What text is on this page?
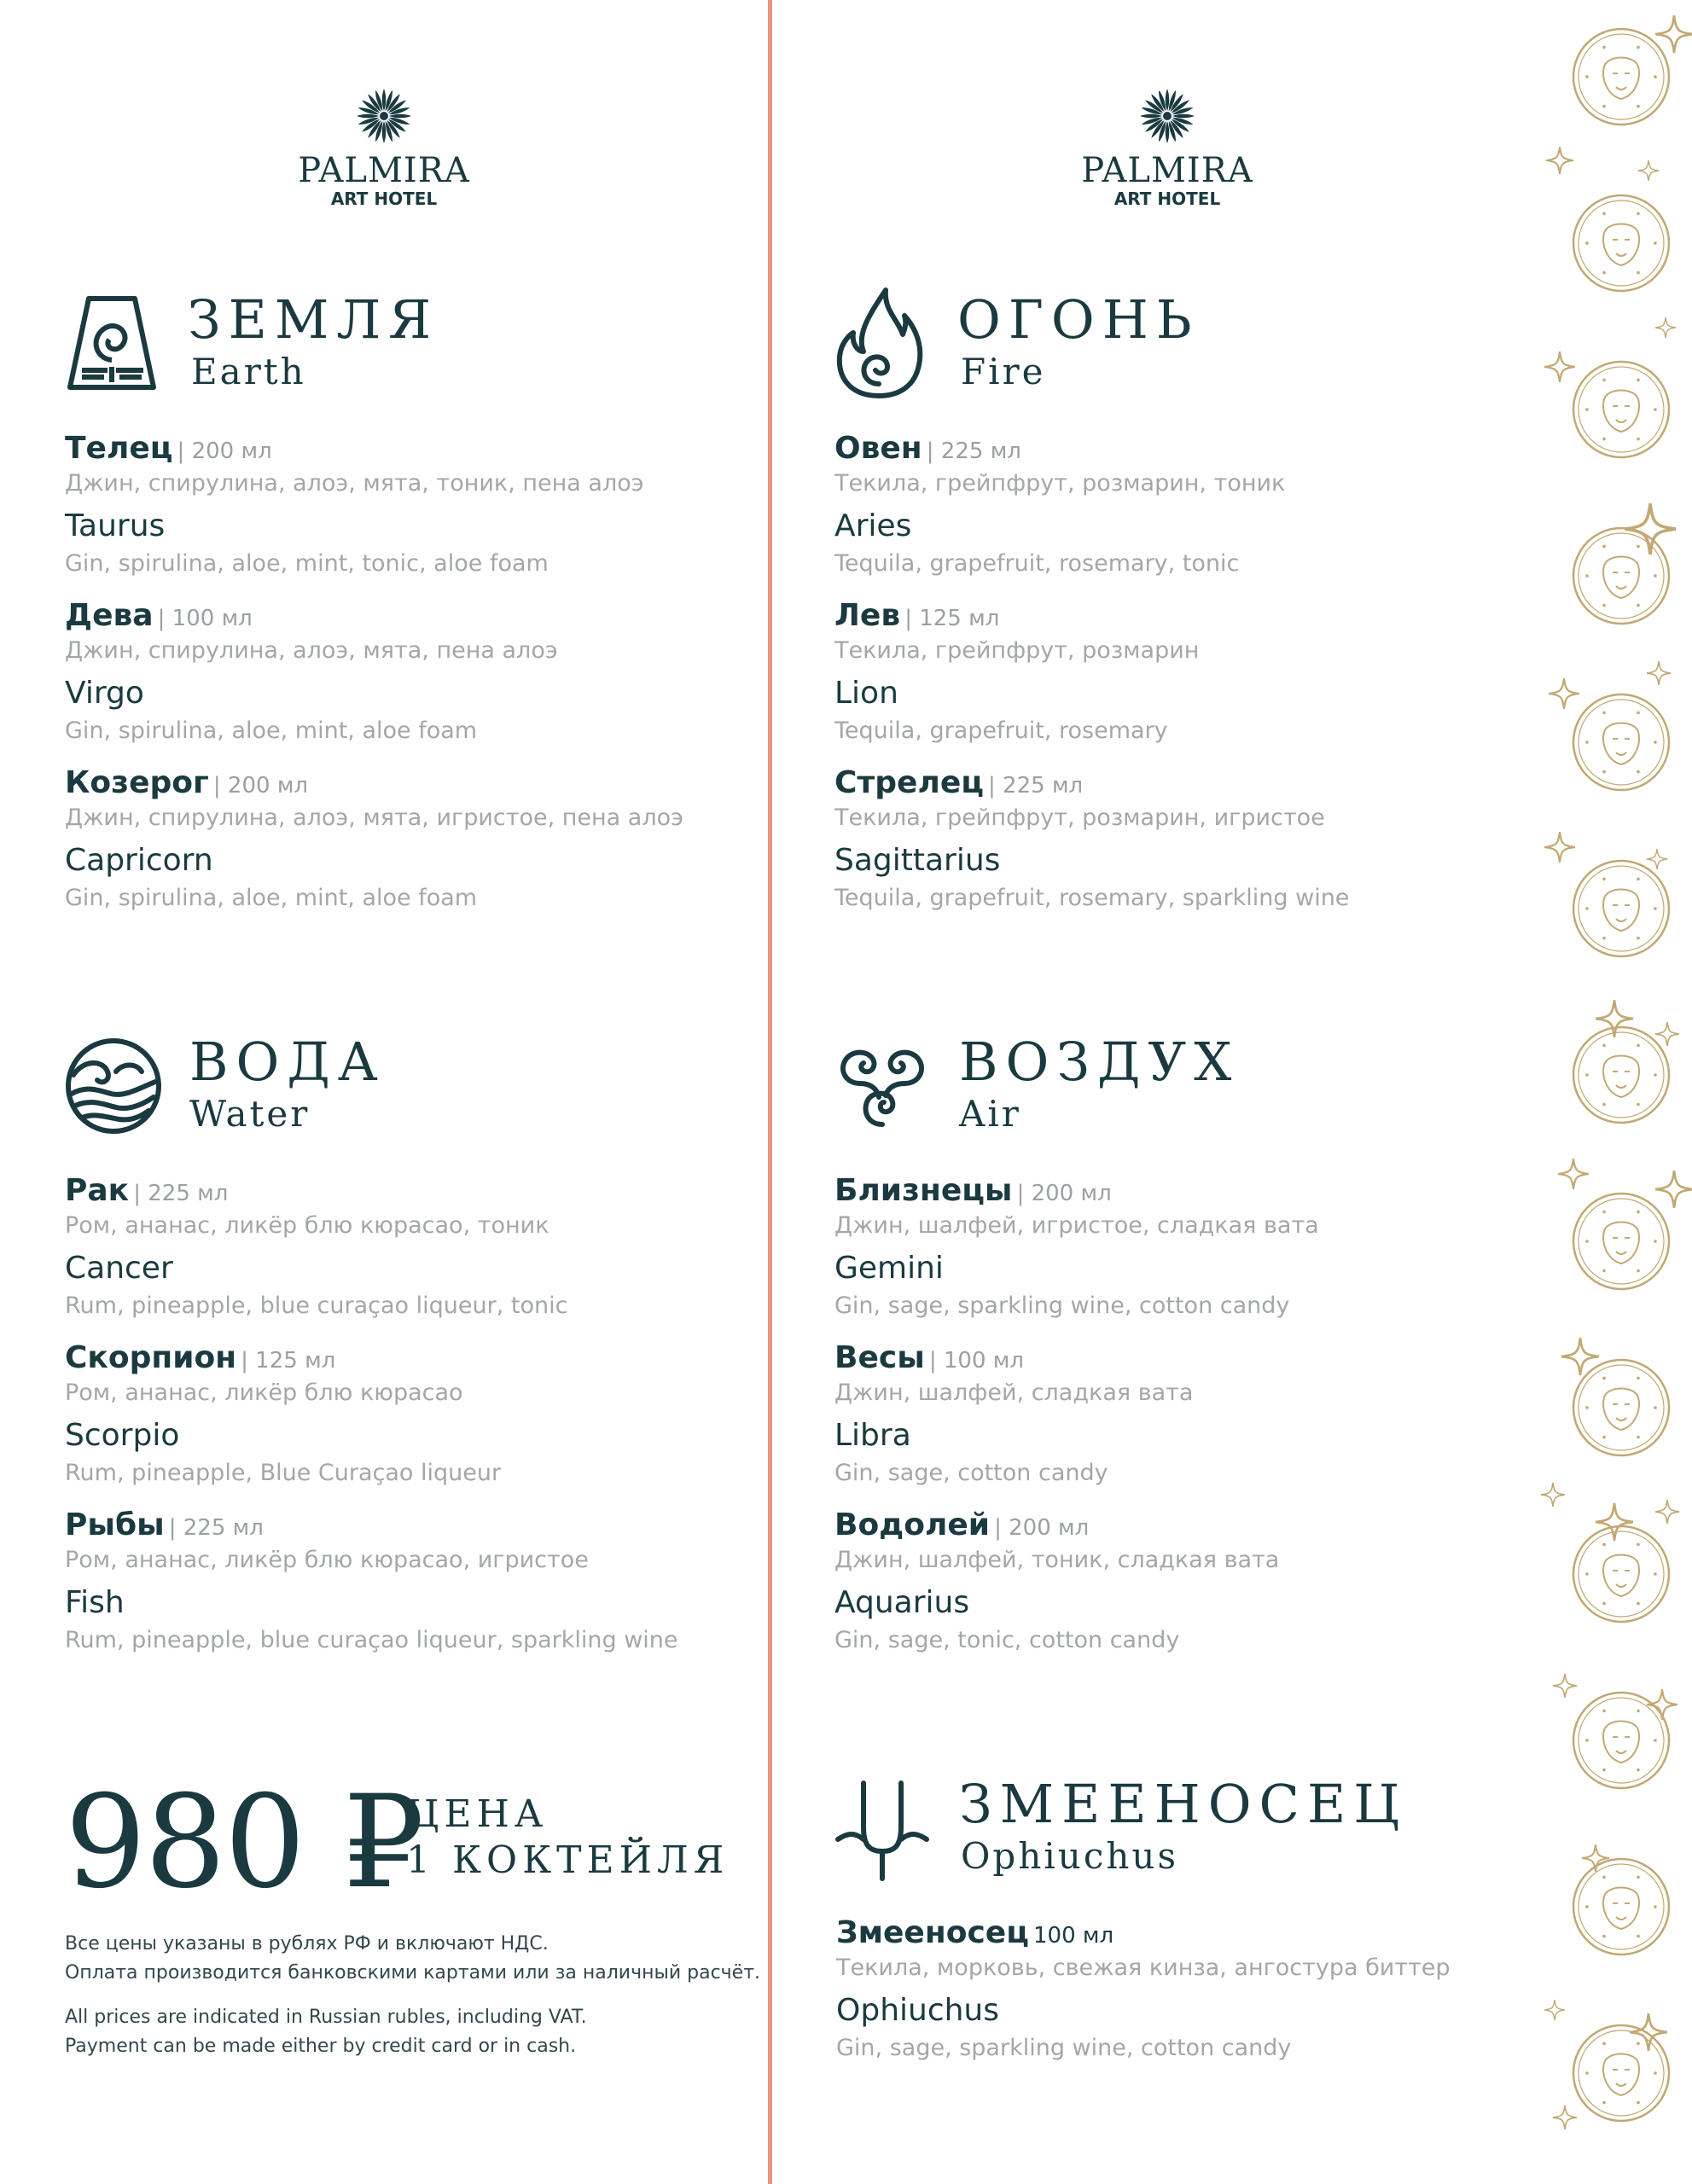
PALMIRA
ART HOTEL
PALMIRA
ART HOTEL
ЗЕМЛЯ
Earth
Телец | 200 мл
Джин, спирулина, алоэ, мята, тоник, пена алоэ
Taurus
Gin, spirulina, aloe, mint, tonic, aloe foam
Дева | 100 мл
Джин, спирулина, алоэ, мята, пена алоэ
Virgo
Gin, spirulina, aloe, mint, aloe foam
Козерог | 200 мл
Джин, спирулина, алоэ, мята, игристое, пена алоэ
Capricorn
Gin, spirulina, aloe, mint, aloe foam
ОГОНЬ
Fire
Овен | 225 мл
Текила, грейпфрут, розмарин, тоник
Aries
Tequila, grapefruit, rosemary, tonic
Лев | 125 мл
Текила, грейпфрут, розмарин
Lion
Tequila, grapefruit, rosemary
Стрелец | 225 мл
Текила, грейпфрут, розмарин, игристое
Sagittarius
Tequila, grapefruit, rosemary, sparkling wine
ВОДА
Water
Рак | 225 мл
Ром, ананас, ликёр блю кюрасао, тоник
Cancer
Rum, pineapple, blue curaçao liqueur, tonic
Скорпион | 125 мл
Ром, ананас, ликёр блю кюрасао
Scorpio
Rum, pineapple, Blue Curaçao liqueur
Рыбы | 225 мл
Ром, ананас, ликёр блю кюрасао, игристое
Fish
Rum, pineapple, blue curaçao liqueur, sparkling wine
ВОЗДУХ
Air
Близнецы | 200 мл
Джин, шалфей, игристое, сладкая вата
Gemini
Gin, sage, sparkling wine, cotton candy
Весы | 100 мл
Джин, шалфей, сладкая вата
Libra
Gin, sage, cotton candy
Водолей | 200 мл
Джин, шалфей, тоник, сладкая вата
Aquarius
Gin, sage, tonic, cotton candy
ЗМЕЕНОСЕЦ
Ophiuchus
Змееносец 100 мл
Текила, морковь, свежая кинза, ангостура биттер
Ophiuchus
Gin, sage, sparkling wine, cotton candy
980 ₽
ЦЕНА
1 КОКТЕЙЛЯ
Все цены указаны в рублях РФ и включают НДС.
Оплата производится банковскими картами или за наличный расчёт.
All prices are indicated in Russian rubles, including VAT.
Payment can be made either by credit card or in cash.
